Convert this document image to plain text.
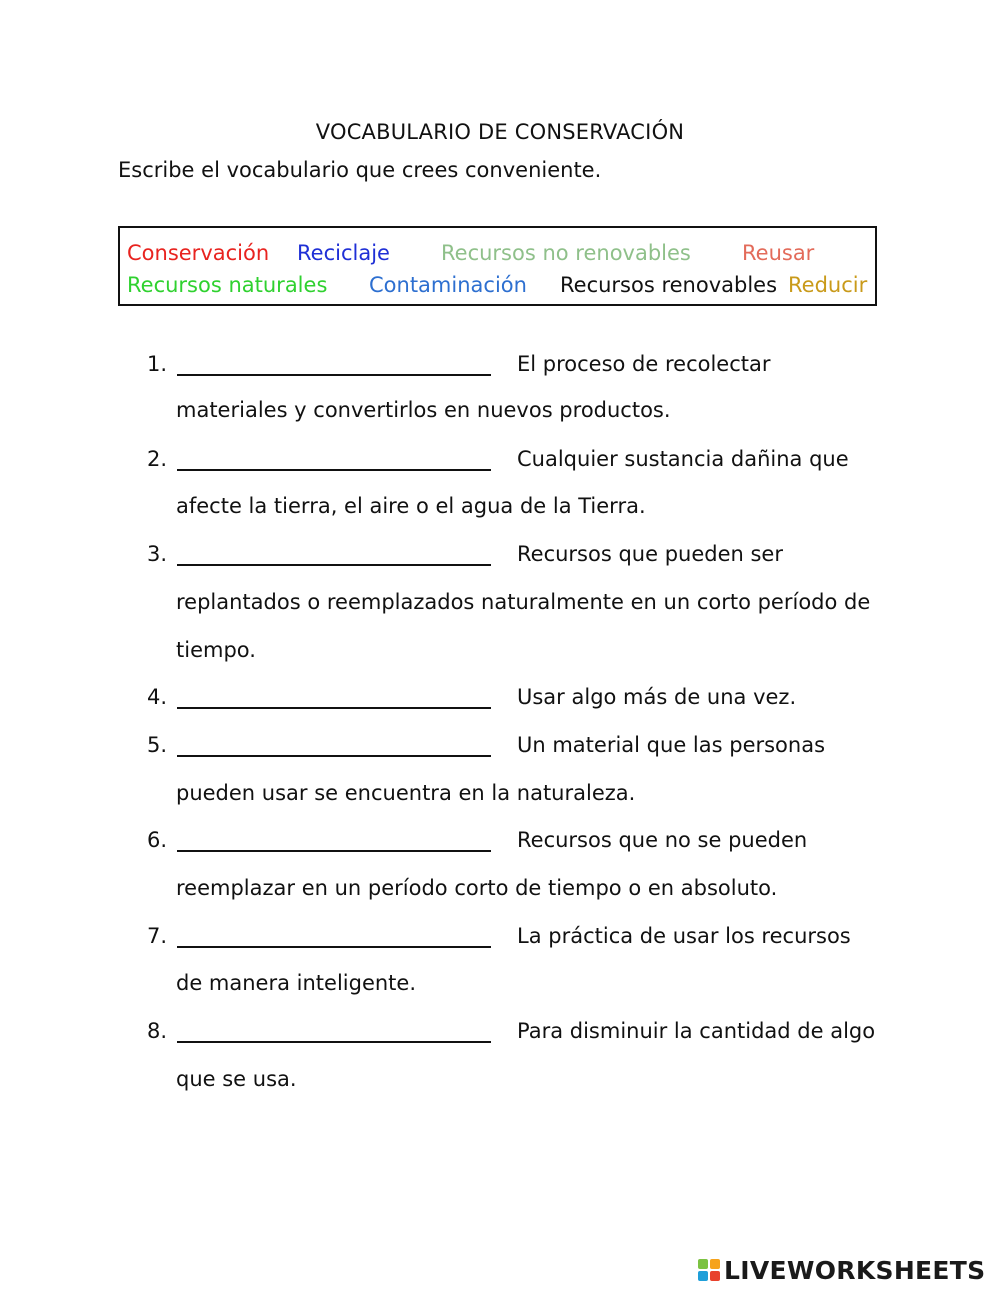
VOCABULARIO DE CONSERVACIÓN
Escribe el vocabulario que crees conveniente.
Conservación Reciclaje Recursos no renovables Reusar
Recursos naturales Contaminación Recursos renovables Reducir
1.	El proceso de recolectar
materiales y convertirlos en nuevos productos.
2.	Cualquier sustancia dañina que
afecte la tierra, el aire o el agua de la Tierra.
3.	Recursos que pueden ser
replantados o reemplazados naturalmente en un corto período de
tiempo.
4.	Usar algo más de una vez.
5.	Un material que las personas
pueden usar se encuentra en la naturaleza.
6.	Recursos que no se pueden
reemplazar en un período corto de tiempo o en absoluto.
7.	La práctica de usar los recursos
de manera inteligente.
8.	Para disminuir la cantidad de algo
que se usa.
LIVEWORKSHEETS
